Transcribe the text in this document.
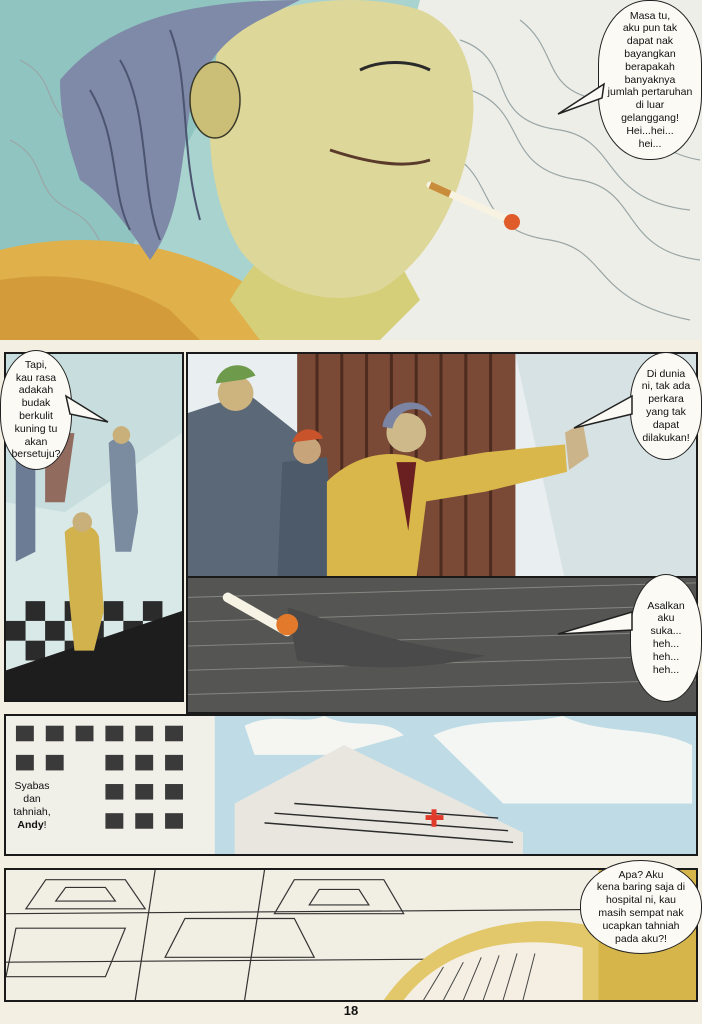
Masa tu,
aku pun tak
dapat nak
bayangkan
berapakah
banyaknya
jumlah pertaruhan
di luar
gelanggang!
Hei...hei...
hei...
Tapi,
kau rasa
adakah
budak
berkulit
kuning tu
akan
bersetuju?
Di dunia
ni, tak ada
perkara
yang tak
dapat
dilakukan!
Asalkan
aku
suka...
heh...
heh...
heh...
Syabas
dan
tahniah,
Andy!
Apa? Aku
kena baring saja di
hospital ni, kau
masih sempat nak
ucapkan tahniah
pada aku?!
18
